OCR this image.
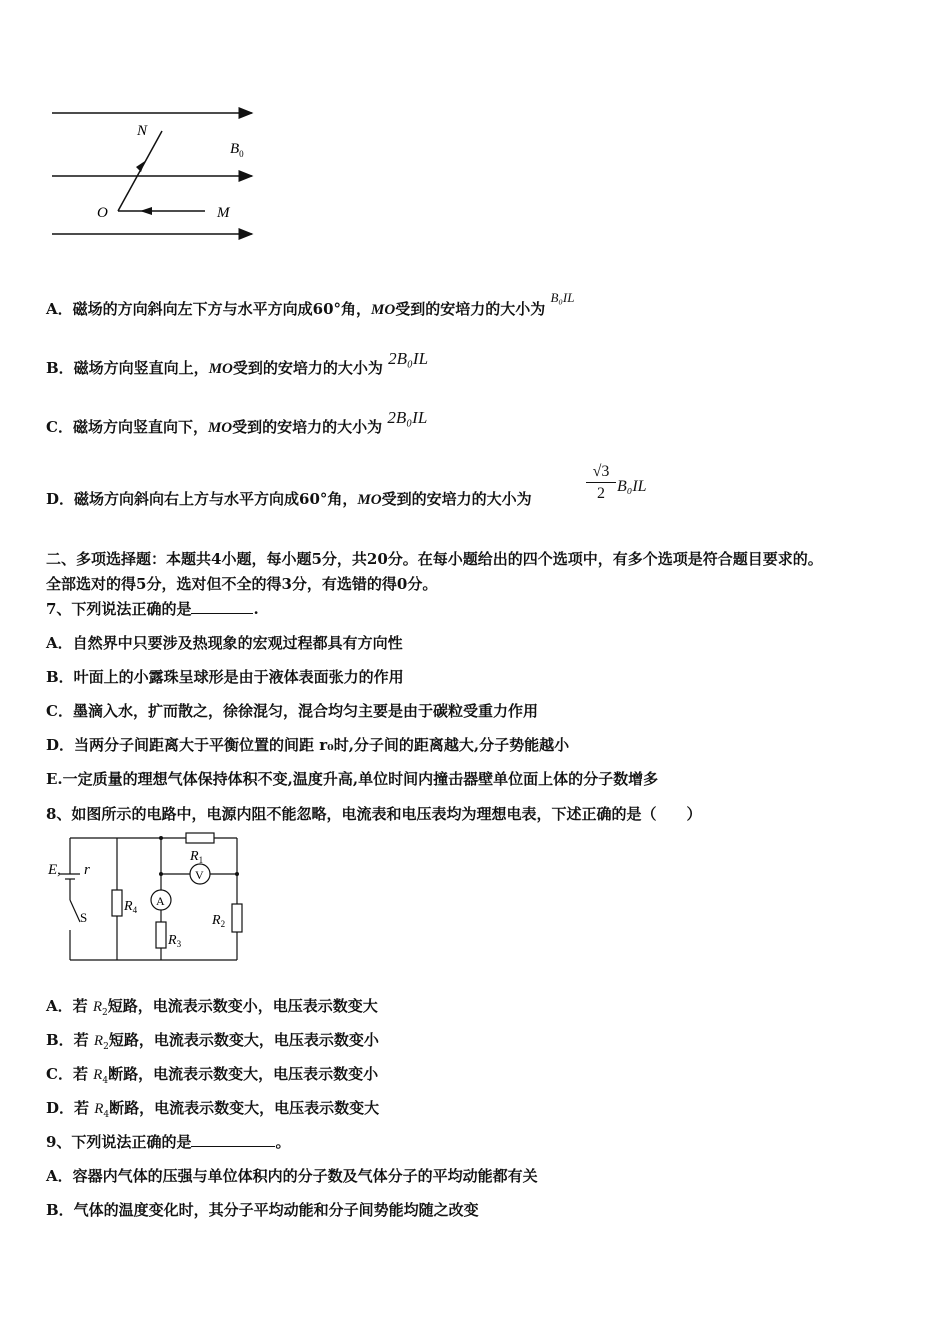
N
$B_0$
O	M
A．磁场的方向斜向左下方与水平方向成60°角，MO受到的安培力的大小为 B₀IL
B．磁场方向竖直向上，MO受到的安培力的大小为 2B₀IL
C．磁场方向竖直向下，MO受到的安培力的大小为 2B₀IL
D．磁场方向斜向右上方与水平方向成60°角，MO受到的安培力的大小为	$\frac{√3}{2} B_0IL$
二、多项选择题：本题共4小题，每小题5分，共20分。在每小题给出的四个选项中，有多个选项是符合题目要求的。
全部选对的得5分，选对但不全的得3分，有选错的得0分。
7、下列说法正确的是	.
A．自然界中只要涉及热现象的宏观过程都具有方向性
B．叶面上的小露珠呈球形是由于液体表面张力的作用
C．墨滴入水，扩而散之，徐徐混匀，混合均匀主要是由于碳粒受重力作用
D．当两分子间距离大于平衡位置的间距 r₀时,分子间的距离越大,分子势能越小
E.一定质量的理想气体保持体积不变,温度升高,单位时间内撞击器壁单位面上体的分子数增多
8、如图所示的电路中，电源内阻不能忽略，电流表和电压表均为理想电表，下述正确的是（　　）
E, r
S
$R_1$
$R_2$
$R_3$
$R_4$
A
V
A．若 $R_2$短路，电流表示数变小，电压表示数变大
B．若 $R_2$短路，电流表示数变大，电压表示数变小
C．若 $R_4$断路，电流表示数变大，电压表示数变小
D．若 $R_4$断路，电流表示数变大，电压表示数变大
9、下列说法正确的是	。
A．容器内气体的压强与单位体积内的分子数及气体分子的平均动能都有关
B．气体的温度变化时，其分子平均动能和分子间势能均随之改变
